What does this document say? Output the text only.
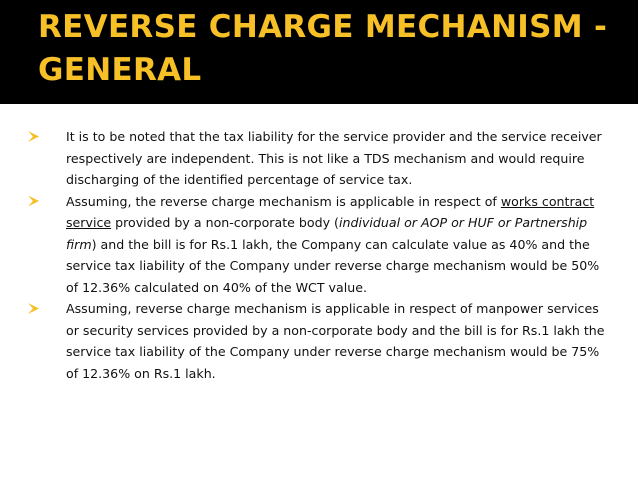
REVERSE CHARGE MECHANISM -
GENERAL
It is to be noted that the tax liability for the service provider and the service receiver respectively are independent. This is not like a TDS mechanism and would require discharging of the identified percentage of service tax.
Assuming, the reverse charge mechanism is applicable in respect of works contract service provided by a non-corporate body (individual or AOP or HUF or Partnership firm) and the bill is for Rs.1 lakh, the Company can calculate value as 40% and the service tax liability of the Company under reverse charge mechanism would be 50% of 12.36% calculated on 40% of the WCT value.
Assuming, reverse charge mechanism is applicable in respect of manpower services or security services provided by a non-corporate body and the bill is for Rs.1 lakh the service tax liability of the Company under reverse charge mechanism would be 75% of 12.36% on Rs.1 lakh.
